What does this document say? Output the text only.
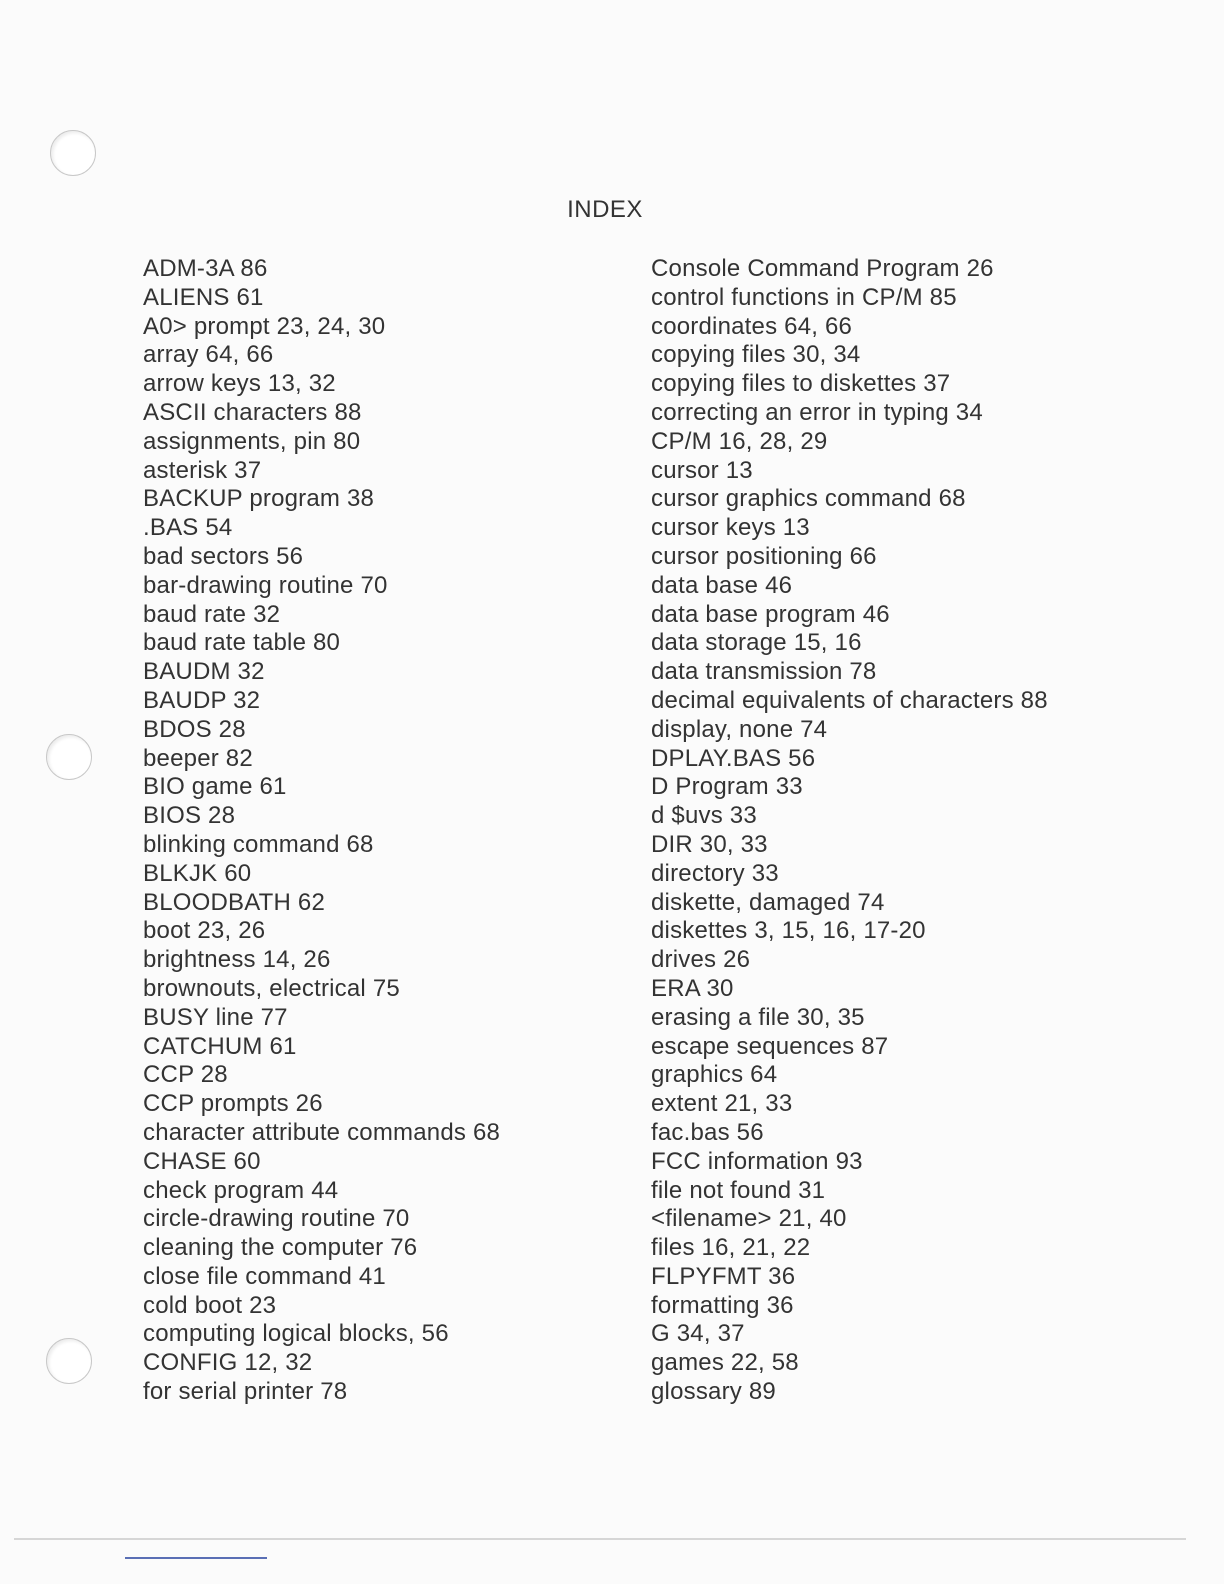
INDEX
ADM-3A 86
ALIENS 61
A0> prompt 23, 24, 30
array 64, 66
arrow keys 13, 32
ASCII characters 88
assignments, pin 80
asterisk 37
BACKUP program 38
.BAS 54
bad sectors 56
bar-drawing routine 70
baud rate 32
baud rate table 80
BAUDM 32
BAUDP 32
BDOS 28
beeper 82
BIO game 61
BIOS 28
blinking command 68
BLKJK 60
BLOODBATH 62
boot 23, 26
brightness 14, 26
brownouts, electrical 75
BUSY line 77
CATCHUM 61
CCP 28
CCP prompts 26
character attribute commands 68
CHASE 60
check program 44
circle-drawing routine 70
cleaning the computer 76
close file command 41
cold boot 23
computing logical blocks, 56
CONFIG 12, 32
for serial printer 78
Console Command Program 26
control functions in CP/M 85
coordinates 64, 66
copying files 30, 34
copying files to diskettes 37
correcting an error in typing 34
CP/M 16, 28, 29
cursor 13
cursor graphics command 68
cursor keys 13
cursor positioning 66
data base 46
data base program 46
data storage 15, 16
data transmission 78
decimal equivalents of characters 88
display, none 74
DPLAY.BAS 56
D Program 33
d $uvs 33
DIR 30, 33
directory 33
diskette, damaged 74
diskettes 3, 15, 16, 17-20
drives 26
ERA 30
erasing a file 30, 35
escape sequences 87
graphics 64
extent 21, 33
fac.bas 56
FCC information 93
file not found 31
<filename> 21, 40
files 16, 21, 22
FLPYFMT 36
formatting 36
G 34, 37
games 22, 58
glossary 89
